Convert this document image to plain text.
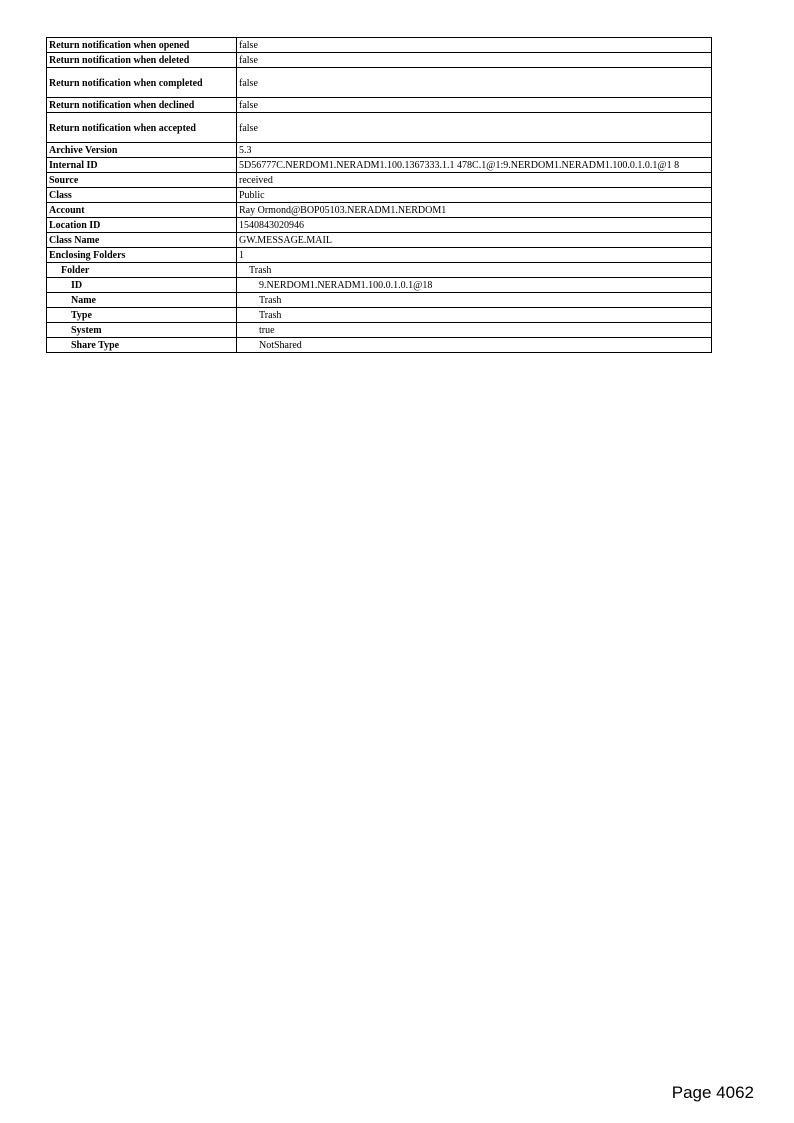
Return notification when opened	false
Return notification when deleted	false
Return notification when completed	false
Return notification when declined	false
Return notification when accepted	false
Archive Version	5.3
Internal ID	5D56777C.NERDOM1.NERADM1.100.1367333.1.1 478C.1@1:9.NERDOM1.NERADM1.100.0.1.0.1@1 8
Source	received
Class	Public
Account	Ray Ormond@BOP05103.NERADM1.NERDOM1
Location ID	1540843020946
Class Name	GW.MESSAGE.MAIL
Enclosing Folders	1
Folder	Trash
ID	9.NERDOM1.NERADM1.100.0.1.0.1@18
Name	Trash
Type	Trash
System	true
Share Type	NotShared
Page 4062
